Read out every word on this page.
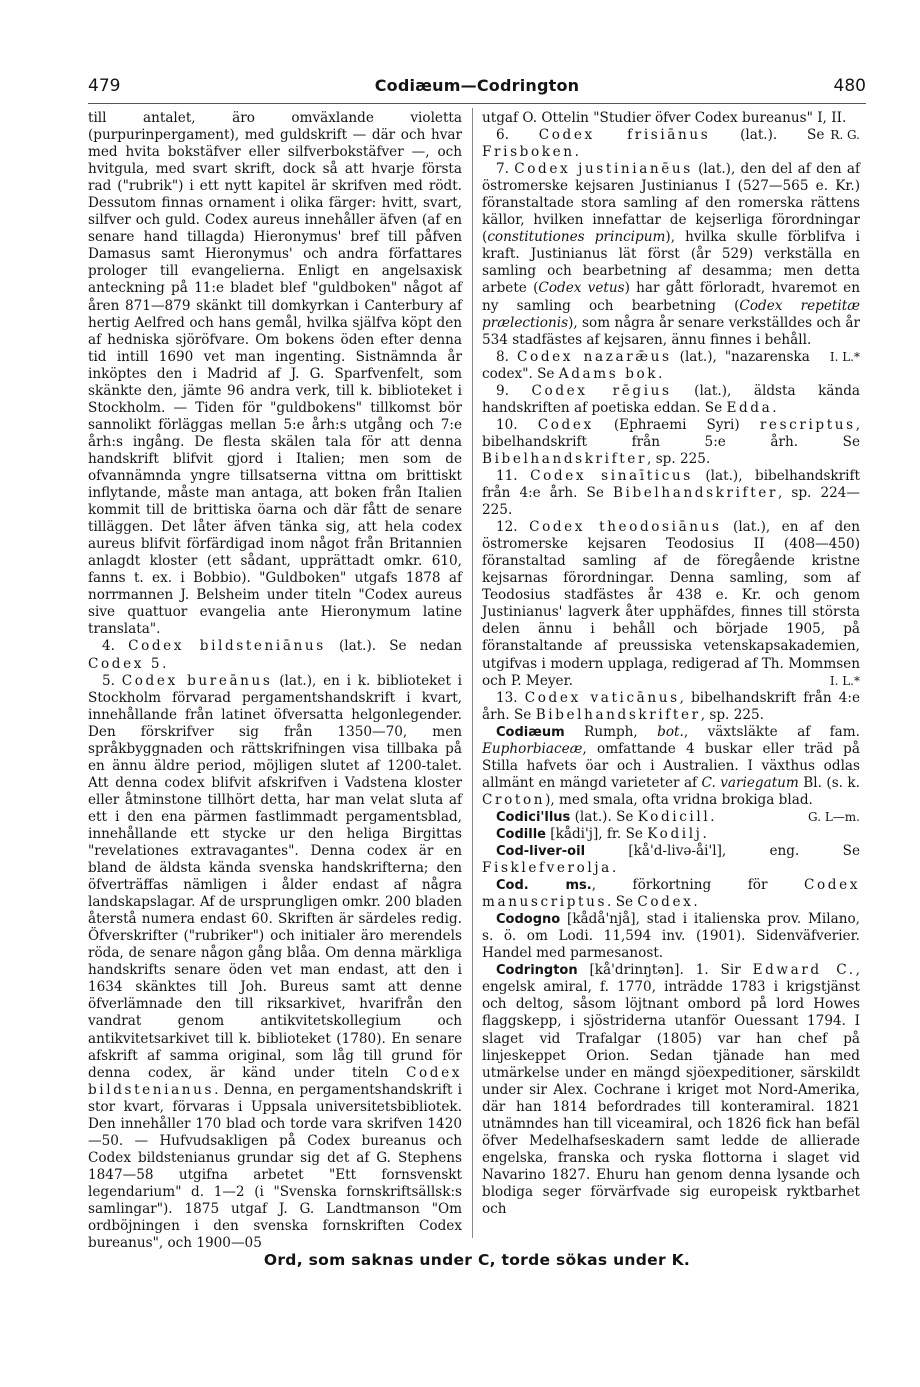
479	Codiæum—Codrington	480

till antalet, äro omväxlande violetta (purpurinpergament), med guldskrift — där och hvar med hvita bokstäfver eller silfverbokstäfver —, och hvitgula, med svart skrift, dock så att hvarje första rad ("rubrik") i ett nytt kapitel är skrifven med rödt. Dessutom finnas ornament i olika färger: hvitt, svart, silfver och guld. Codex aureus innehåller äfven (af en senare hand tillagda) Hieronymus' bref till påfven Damasus samt Hieronymus' och andra författares prologer till evangelierna. Enligt en angelsaxisk anteckning på 11:e bladet blef "guldboken" något af åren 871—879 skänkt till domkyrkan i Canterbury af hertig Aelfred och hans gemål, hvilka själfva köpt den af hedniska sjöröfvare. Om bokens öden efter denna tid intill 1690 vet man ingenting. Sistnämnda år inköptes den i Madrid af J. G. Sparfvenfelt, som skänkte den, jämte 96 andra verk, till k. biblioteket i Stockholm. — Tiden för "guldbokens" tillkomst bör sannolikt förläggas mellan 5:e årh:s utgång och 7:e årh:s ingång. De flesta skälen tala för att denna handskrift blifvit gjord i Italien; men som de ofvannämnda yngre tillsatserna vittna om brittiskt inflytande, måste man antaga, att boken från Italien kommit till de brittiska öarna och där fått de senare tilläggen. Det låter äfven tänka sig, att hela codex aureus blifvit förfärdigad inom något från Britannien anlagdt kloster (ett sådant, upprättadt omkr. 610, fanns t. ex. i Bobbio). "Guldboken" utgafs 1878 af norrmannen J. Belsheim under titeln "Codex aureus sive quattuor evangelia ante Hieronymum latine translata".

4. Codex bildsteniānus (lat.). Se nedan Codex 5.

5. Codex bureānus (lat.), en i k. biblioteket i Stockholm förvarad pergamentshandskrift i kvart, innehållande från latinet öfversatta helgonlegender. Den förskrifver sig från 1350—70, men språkbyggnaden och rättskrifningen visa tillbaka på en ännu äldre period, möjligen slutet af 1200-talet. Att denna codex blifvit afskrifven i Vadstena kloster eller åtminstone tillhört detta, har man velat sluta af ett i den ena pärmen fastlimmadt pergamentsblad, innehållande ett stycke ur den heliga Birgittas "revelationes extravagantes". Denna codex är en bland de äldsta kända svenska handskrifterna; den öfverträffas nämligen i ålder endast af några landskapslagar. Af de ursprungligen omkr. 200 bladen återstå numera endast 60. Skriften är särdeles redig. Öfverskrifter ("rubriker") och initialer äro merendels röda, de senare någon gång blåa. Om denna märkliga handskrifts senare öden vet man endast, att den i 1634 skänktes till Joh. Bureus samt att denne öfverlämnade den till riksarkivet, hvarifrån den vandrat genom antikvitetskollegium och antikvitetsarkivet till k. biblioteket (1780). En senare afskrift af samma original, som låg till grund för denna codex, är känd under titeln Codex bildstenianus. Denna, en pergamentshandskrift i stor kvart, förvaras i Uppsala universitetsbibliotek. Den innehåller 170 blad och torde vara skrifven 1420—50. — Hufvudsakligen på Codex bureanus och Codex bildstenianus grundar sig det af G. Stephens 1847—58 utgifna arbetet "Ett fornsvenskt legendarium" d. 1—2 (i "Svenska fornskriftsällsk:s samlingar"). 1875 utgaf J. G. Landtmanson "Om ordböjningen i den svenska fornskriften Codex bureanus", och 1900—05

utgaf O. Ottelin "Studier öfver Codex bureanus" I, II.
R. G.

6. Codex frisiānus (lat.). Se Frisboken.

7. Codex justinianēus (lat.), den del af den af östromerske kejsaren Justinianus I (527—565 e. Kr.) föranstaltade stora samling af den romerska rättens källor, hvilken innefattar de kejserliga förordningar (constitutiones principum), hvilka skulle förblifva i kraft. Justinianus lät först (år 529) verkställa en samling och bearbetning af desamma; men detta arbete (Codex vetus) har gått förloradt, hvaremot en ny samling och bearbetning (Codex repetitæ prælectionis), som några år senare verkställdes och år 534 stadfästes af kejsaren, ännu finnes i behåll.
I. L.*

8. Codex nazarǣus (lat.), "nazarenska codex". Se Adams bok.

9. Codex rēgius (lat.), äldsta kända handskriften af poetiska eddan. Se Edda.

10. Codex (Ephraemi Syri) rescriptus, bibelhandskrift från 5:e årh. Se Bibelhandskrifter, sp. 225.

11. Codex sinaīticus (lat.), bibelhandskrift från 4:e årh. Se Bibelhandskrifter, sp. 224—225.

12. Codex theodosiānus (lat.), en af den östromerske kejsaren Teodosius II (408—450) föranstaltad samling af de föregående kristne kejsarnas förordningar. Denna samling, som af Teodosius stadfästes år 438 e. Kr. och genom Justinianus' lagverk åter upphäfdes, finnes till största delen ännu i behåll och började 1905, på föranstaltande af preussiska vetenskapsakademien, utgifvas i modern upplaga, redigerad af Th. Mommsen och P. Meyer.	I. L.*

13. Codex vaticānus, bibelhandskrift från 4:e årh. Se Bibelhandskrifter, sp. 225.

Codiæum Rumph, bot., växtsläkte af fam. Euphorbiaceæ, omfattande 4 buskar eller träd på Stilla hafvets öar och i Australien. I växthus odlas allmänt en mängd varieteter af C. variegatum Bl. (s. k. Croton), med smala, ofta vridna brokiga blad.
G. L—m.

Codici'llus (lat.). Se Kodicill.

Codille [kådi'j], fr. Se Kodilj.

Cod-liver-oil	[kå'd-livə-åi'l], eng. Se Fisklefverolja.

Cod. ms., förkortning för	Codex manuscriptus. Se Codex.

Codogno [kådå'njå], stad i italienska prov. Milano, s. ö. om Lodi. 11,594 inv. (1901). Sidenväfverier. Handel med parmesanost.

Codrington [kå'drinŋtən]. 1. Sir Edward C., engelsk amiral, f. 1770, inträdde 1783 i krigstjänst och deltog, såsom löjtnant ombord på lord Howes flaggskepp, i sjöstriderna utanför Ouessant 1794. I slaget vid Trafalgar (1805) var han chef på linjeskeppet Orion. Sedan tjänade han med utmärkelse under en mängd sjöexpeditioner, särskildt under sir Alex. Cochrane i kriget mot Nord-Amerika, där han 1814 befordrades till konteramiral. 1821 utnämndes han till viceamiral, och 1826 fick han befäl öfver Medelhafseskadern samt ledde de allierade engelska, franska och ryska flottorna i slaget vid Navarino 1827. Ehuru han genom denna lysande och blodiga seger förvärfvade sig europeisk ryktbarhet och

Ord, som saknas under C, torde sökas under K.
